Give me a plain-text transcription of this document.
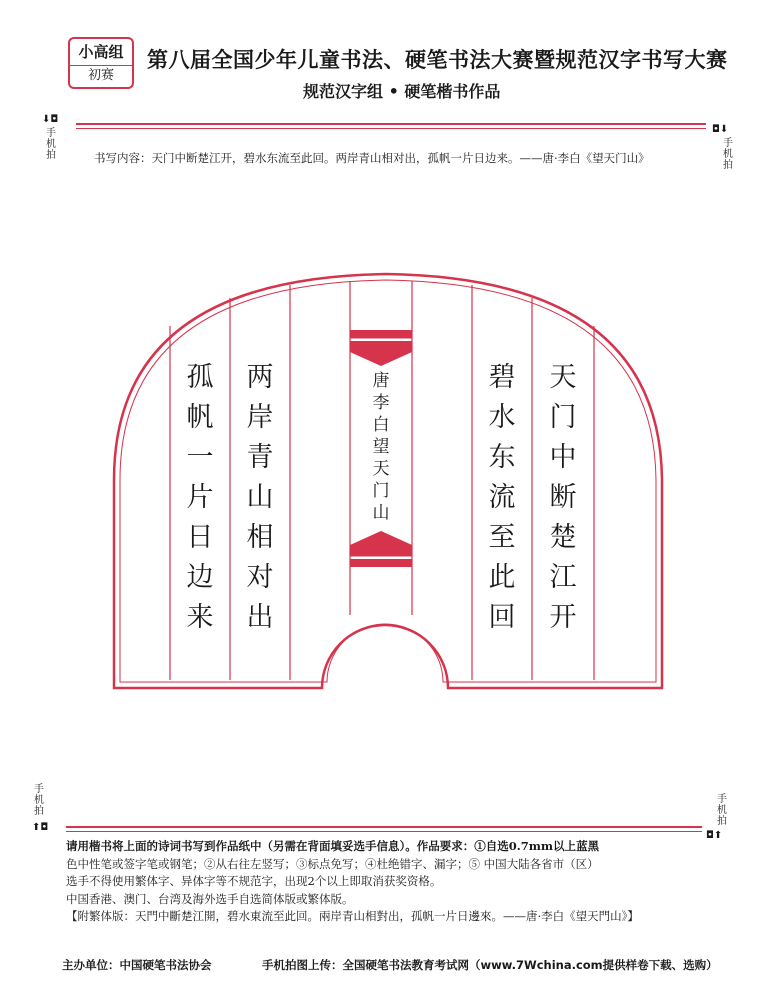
小高组
初赛
第八届全国少年儿童书法、硬笔书法大赛暨规范汉字书写大赛
规范汉字组 • 硬笔楷书作品
⬇◘
手
机
拍
◘⬇
手
机
拍
书写内容：天门中断楚江开，碧水东流至此回。两岸青山相对出，孤帆一片日边来。——唐·李白《望天门山》
天
门
中
断
楚
江
开
碧
水
东
流
至
此
回
唐
李
白
望
天
门
山
两
岸
青
山
相
对
出
孤
帆
一
片
日
边
来
手
机
拍
⬆◘
手
机
拍
◘⬆

请用楷书将上面的诗词书写到作品纸中（另需在背面填妥选手信息）。作品要求：①自选0.7mm以上蓝黑

色中性笔或签字笔或钢笔；②从右往左竖写；③标点免写；④杜绝错字、漏字；⑤ 中国大陆各省市（区）

选手不得使用繁体字、异体字等不规范字，出现2个以上即取消获奖资格。

中国香港、澳门、台湾及海外选手自选简体版或繁体版。

【附繁体版：天門中斷楚江開，碧水東流至此回。兩岸青山相對出，孤帆一片日邊來。——唐·李白《望天門山》】

主办单位：中国硬笔书法协会	手机拍图上传：全国硬笔书法教育考试网（www.7Wchina.com提供样卷下载、选购）
